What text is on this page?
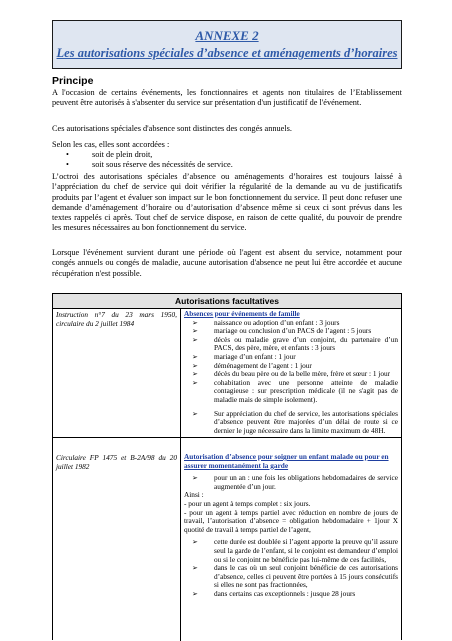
ANNEXE 2
Les autorisations spéciales d’absence et aménagements d’horaires
Principe

A l'occasion de certains événements, les fonctionnaires et agents non titulaires de l’Etablissement peuvent être autorisés à s'absenter du service sur présentation d'un justificatif de l'événement.

Ces autorisations spéciales d'absence sont distinctes des congés annuels.

Selon les cas, elles sont accordées :

• soit de plein droit,
• soit sous réserve des nécessités de service.

L’octroi des autorisations spéciales d’absence ou aménagements d’horaires est toujours laissé à l’appréciation du chef de service qui doit vérifier la régularité de la demande au vu de justificatifs produits par l’agent et évaluer son impact sur le bon fonctionnement du service. Il peut donc refuser une demande d’aménagement d’horaire ou d’autorisation d’absence même si ceux ci sont prévus dans les textes rappelés ci après. Tout chef de service dispose, en raison de cette qualité, du pouvoir de prendre les mesures nécessaires au bon fonctionnement du service.

Lorsque l'événement survient durant une période où l'agent est absent du service, notamment pour congés annuels ou congés de maladie, aucune autorisation d'absence ne peut lui être accordée et aucune récupération n'est possible.

Autorisations facultatives
Instruction n°7 du 23 mars 1950, circulaire du 2 juillet 1984
Absences pour événements de famille
➢ naissance ou adoption d’un enfant : 3 jours
➢ mariage ou conclusion d’un PACS de l’agent : 5 jours
➢ décès ou maladie grave d’un conjoint, du partenaire d’un PACS, des père, mère, et enfants : 3 jours
➢ mariage d’un enfant : 1 jour
➢ déménagement de l’agent : 1 jour
➢ décès du beau père ou de la belle mère, frère et sœur : 1 jour
➢ cohabitation avec une personne atteinte de maladie contagieuse : sur prescription médicale (il ne s'agit pas de maladie mais de simple isolement).
➢ Sur appréciation du chef de service, les autorisations spéciales d’absence peuvent être majorées d’un délai de route si ce dernier le juge nécessaire dans la limite maximum de 48H.
Circulaire FP 1475 et B-2A/98 du 20 juillet 1982
Autorisation d’absence pour soigner un enfant malade ou pour en assurer momentanément la garde
➢ pour un an : une fois les obligations hebdomadaires de service augmentée d’un jour.
Ainsi :
- pour un agent à temps complet : six jours.
- pour un agent à temps partiel avec réduction en nombre de jours de travail, l’autorisation d’absence = obligation hebdomadaire + 1jour X quotité de travail à temps partiel de l’agent,
➢ cette durée est doublée si l’agent apporte la preuve qu’il assure seul la garde de l’enfant, si le conjoint est demandeur d’emploi ou si le conjoint ne bénéficie pas lui-même de ces facilités,
➢ dans le cas où un seul conjoint bénéficie de ces autorisations d’absence, celles ci peuvent être portées à 15 jours consécutifs si elles ne sont pas fractionnées,
➢ dans certains cas exceptionnels : jusque 28 jours
